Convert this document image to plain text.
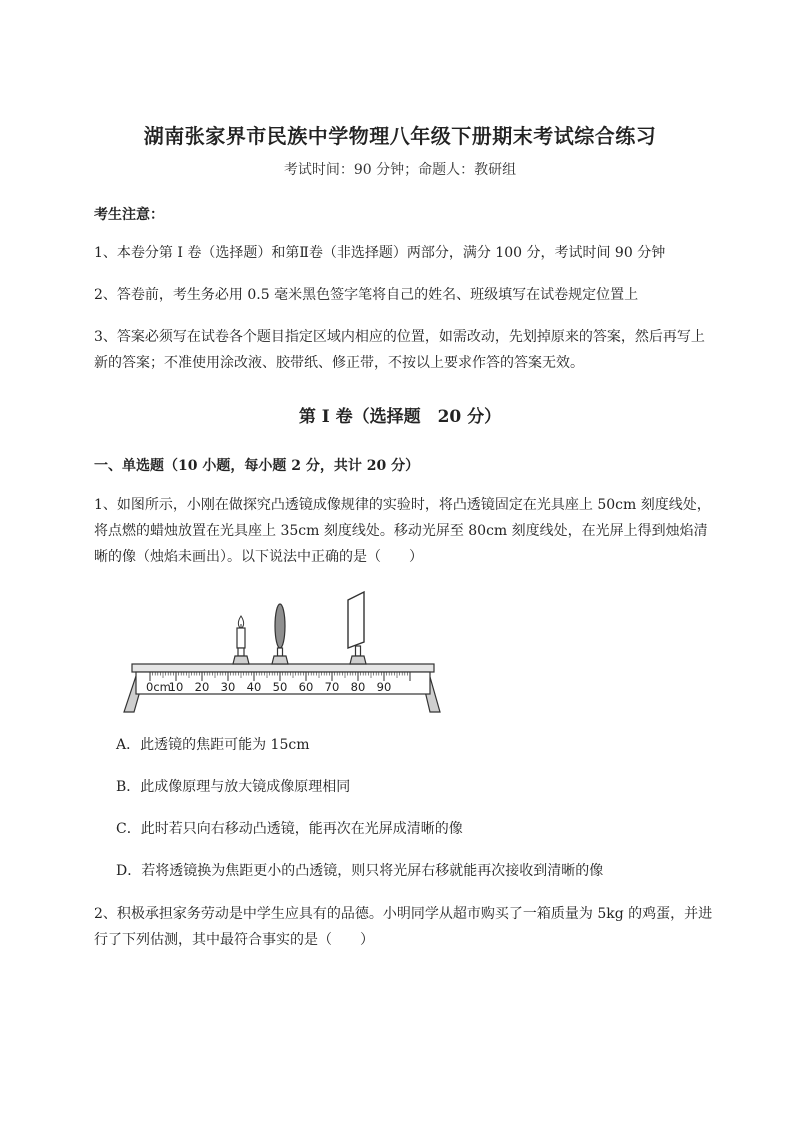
湖南张家界市民族中学物理八年级下册期末考试综合练习
考试时间：90 分钟；命题人：教研组
考生注意：
1、本卷分第 I 卷（选择题）和第Ⅱ卷（非选择题）两部分，满分 100 分，考试时间 90 分钟
2、答卷前，考生务必用 0.5 毫米黑色签字笔将自己的姓名、班级填写在试卷规定位置上
3、答案必须写在试卷各个题目指定区域内相应的位置，如需改动，先划掉原来的答案，然后再写上新的答案；不准使用涂改液、胶带纸、修正带，不按以上要求作答的答案无效。
第 I 卷（选择题　20 分）
一、单选题（10 小题，每小题 2 分，共计 20 分）
1、如图所示，小刚在做探究凸透镜成像规律的实验时，将凸透镜固定在光具座上 50cm 刻度线处，将点燃的蜡烛放置在光具座上 35cm 刻度线处。移动光屏至 80cm 刻度线处，在光屏上得到烛焰清晰的像（烛焰未画出）。以下说法中正确的是（　　）
0cm
10 20 30 40 50 60 70 80 90
A．此透镜的焦距可能为 15cm
B．此成像原理与放大镜成像原理相同
C．此时若只向右移动凸透镜，能再次在光屏成清晰的像
D．若将透镜换为焦距更小的凸透镜，则只将光屏右移就能再次接收到清晰的像
2、积极承担家务劳动是中学生应具有的品德。小明同学从超市购买了一箱质量为 5kg 的鸡蛋，并进行了下列估测，其中最符合事实的是（　　）
